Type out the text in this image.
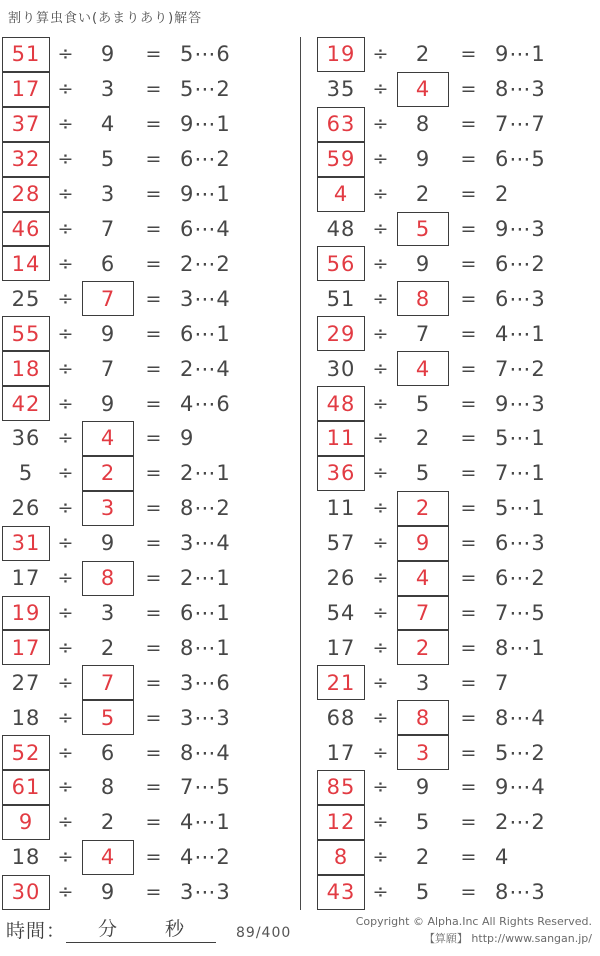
割り算虫食い(あまりあり)解答
51 ÷	9	= 5⋯6
17 ÷	3	= 5⋯2
37 ÷	4	= 9⋯1
32 ÷	5	= 6⋯2
28 ÷	3	= 9⋯1
46 ÷	7	= 6⋯4
14 ÷	6	= 2⋯2
25 ÷	7	= 3⋯4
55 ÷	9	= 6⋯1
18 ÷	7	= 2⋯4
42 ÷	9	= 4⋯6
36 ÷	4	= 9
5	÷	2	= 2⋯1
26 ÷	3	= 8⋯2
31 ÷	9	= 3⋯4
17 ÷	8	= 2⋯1
19 ÷	3	= 6⋯1
17 ÷	2	= 8⋯1
27 ÷	7	= 3⋯6
18 ÷	5	= 3⋯3
52 ÷	6	= 8⋯4
61 ÷	8	= 7⋯5
9	÷	2	= 4⋯1
18 ÷	4	= 4⋯2
30 ÷	9	= 3⋯3
19 ÷	2	= 9⋯1
35 ÷	4	= 8⋯3
63 ÷	8	= 7⋯7
59 ÷	9	= 6⋯5
4	÷	2	= 2
48 ÷	5	= 9⋯3
56 ÷	9	= 6⋯2
51 ÷	8	= 6⋯3
29 ÷	7	= 4⋯1
30 ÷	4	= 7⋯2
48 ÷	5	= 9⋯3
11 ÷	2	= 5⋯1
36 ÷	5	= 7⋯1
11 ÷	2	= 5⋯1
57 ÷	9	= 6⋯3
26 ÷	4	= 6⋯2
54 ÷	7	= 7⋯5
17 ÷	2	= 8⋯1
21 ÷	3	= 7
68 ÷	8	= 8⋯4
17 ÷	3	= 5⋯2
85 ÷	9	= 9⋯4
12 ÷	5	= 2⋯2
8	÷	2	= 4
43 ÷	5	= 8⋯3
時間： 分	秒	89/400
Copyright © Alpha.Inc All Rights Reserved.
【算願】 http://www.sangan.jp/
